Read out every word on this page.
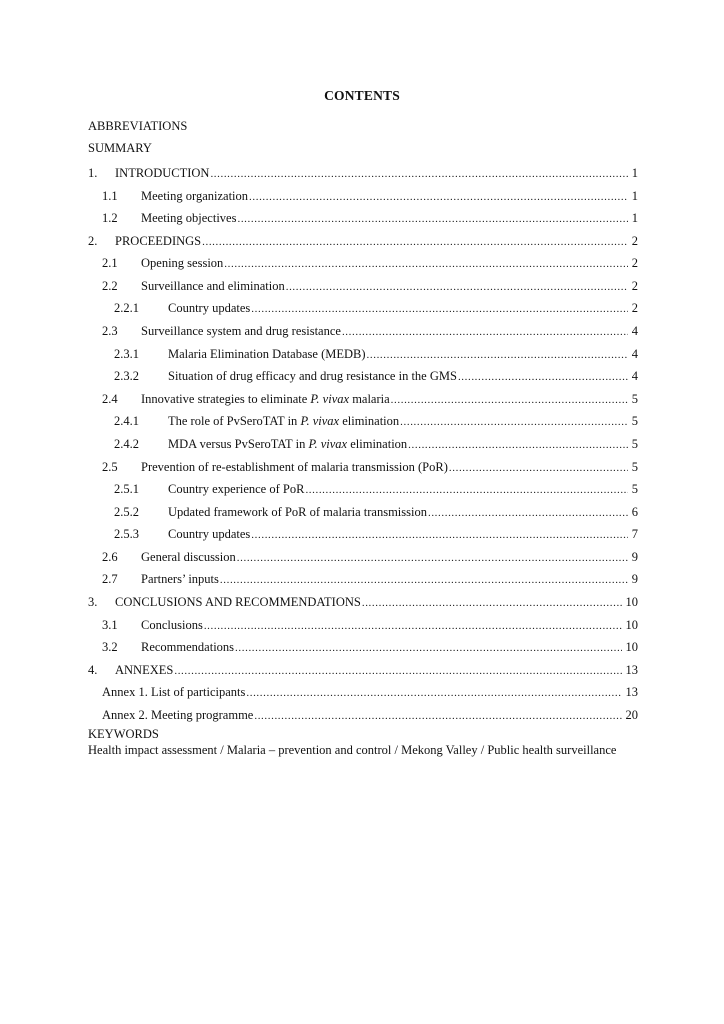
CONTENTS
ABBREVIATIONS
SUMMARY
1. INTRODUCTION .....	1
1.1 Meeting organization .....	1
1.2 Meeting objectives .....	1
2. PROCEEDINGS .....	2
2.1 Opening session .....	2
2.2 Surveillance and elimination .....	2
2.2.1 Country updates .....	2
2.3 Surveillance system and drug resistance .....	4
2.3.1 Malaria Elimination Database (MEDB) .....	4
2.3.2 Situation of drug efficacy and drug resistance in the GMS .....	4
2.4 Innovative strategies to eliminate P. vivax malaria .....	5
2.4.1 The role of PvSeroTAT in P. vivax elimination .....	5
2.4.2 MDA versus PvSeroTAT in P. vivax elimination .....	5
2.5 Prevention of re-establishment of malaria transmission (PoR) .....	5
2.5.1 Country experience of PoR .....	5
2.5.2 Updated framework of PoR of malaria transmission .....	6
2.5.3 Country updates .....	7
2.6 General discussion .....	9
2.7 Partners’ inputs .....	9
3. CONCLUSIONS AND RECOMMENDATIONS .....	10
3.1 Conclusions .....	10
3.2 Recommendations .....	10
4. ANNEXES .....	13
Annex 1. List of participants .....	13
Annex 2. Meeting programme .....	20
KEYWORDS
Health impact assessment / Malaria – prevention and control / Mekong Valley / Public health surveillance
